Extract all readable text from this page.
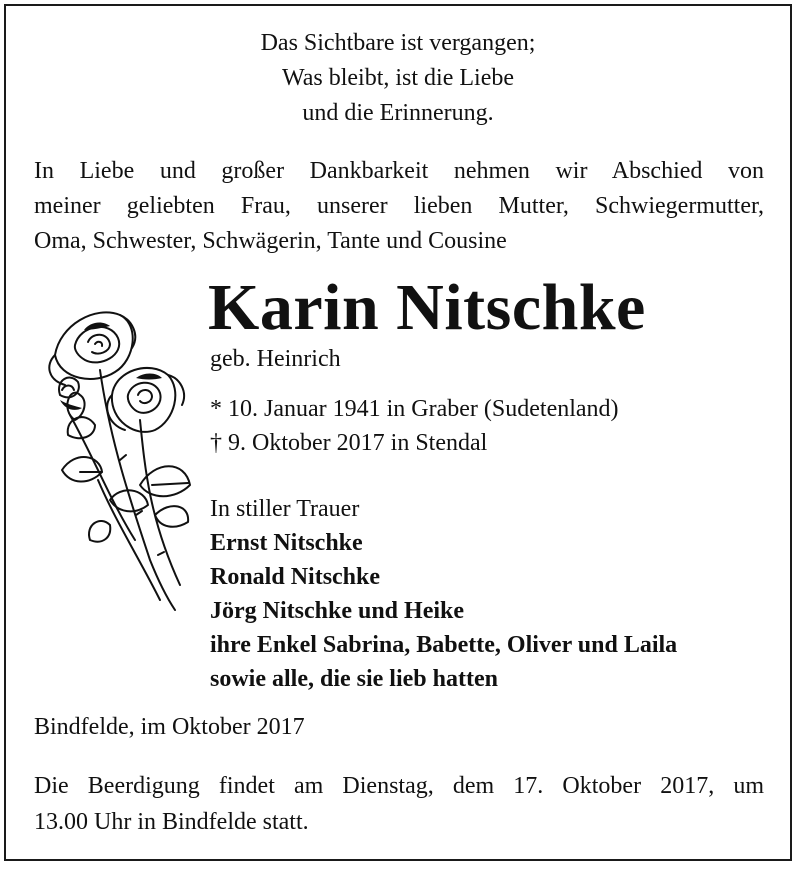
Das Sichtbare ist vergangen;
Was bleibt, ist die Liebe
und die Erinnerung.
In Liebe und großer Dankbarkeit nehmen wir Abschied von
meiner geliebten Frau, unserer lieben Mutter, Schwiegermutter,
Oma, Schwester, Schwägerin, Tante und Cousine
Karin Nitschke
geb. Heinrich
* 10. Januar 1941 in Graber (Sudetenland)
† 9. Oktober 2017 in Stendal
In stiller Trauer
Ernst Nitschke
Ronald Nitschke
Jörg Nitschke und Heike
ihre Enkel Sabrina, Babette, Oliver und Laila
sowie alle, die sie lieb hatten
Bindfelde, im Oktober 2017
Die Beerdigung findet am Dienstag, dem 17. Oktober 2017, um
13.00 Uhr in Bindfelde statt.
